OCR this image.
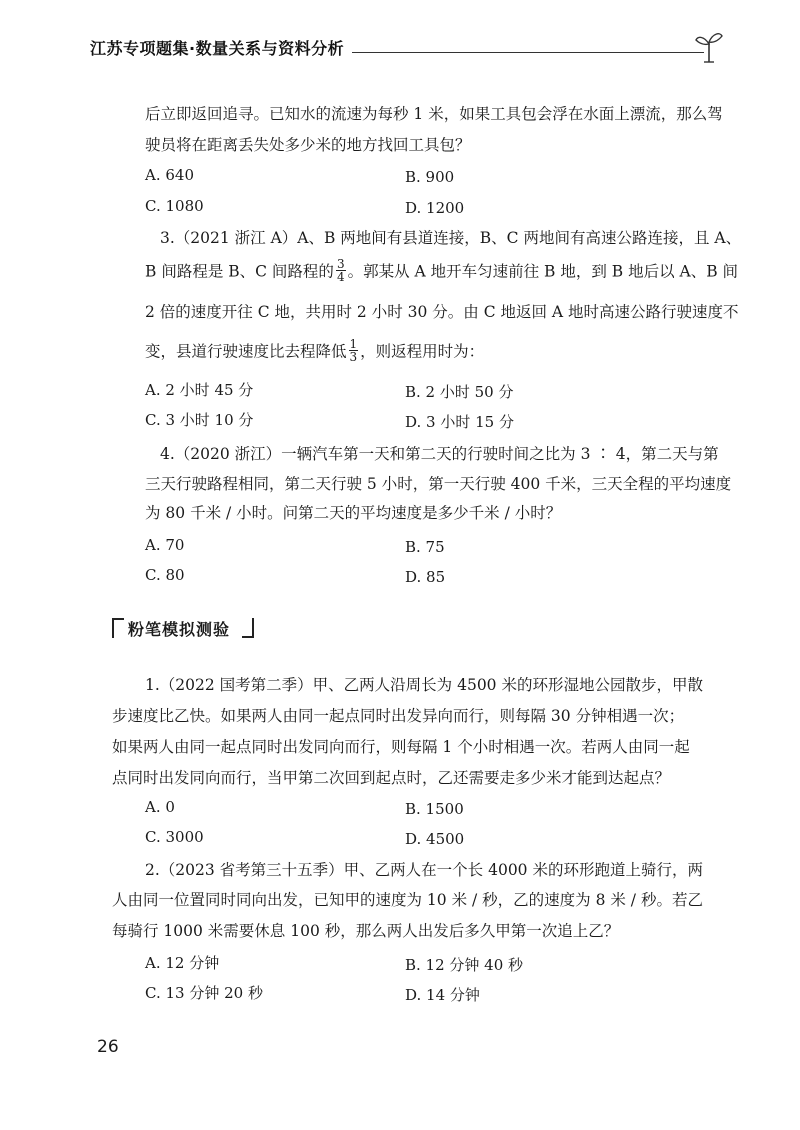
江苏专项题集·数量关系与资料分析
后立即返回追寻。已知水的流速为每秒 1 米，如果工具包会浮在水面上漂流，那么驾
驶员将在距离丢失处多少米的地方找回工具包？
A. 640	B. 900
C. 1080	D. 1200
3.（2021 浙江 A）A、B 两地间有县道连接，B、C 两地间有高速公路连接，且 A、
B 间路程是 B、C 间路程的 $\frac{3}{4}$ 。郭某从 A 地开车匀速前往 B 地，到 B 地后以 A、B 间
2 倍的速度开往 C 地，共用时 2 小时 30 分。由 C 地返回 A 地时高速公路行驶速度不
变，县道行驶速度比去程降低 $\frac{1}{3}$ ，则返程用时为：
A. 2 小时 45 分	B. 2 小时 50 分
C. 3 小时 10 分	D. 3 小时 15 分
4.（2020 浙江）一辆汽车第一天和第二天的行驶时间之比为 3 ∶ 4，第二天与第
三天行驶路程相同，第二天行驶 5 小时，第一天行驶 400 千米，三天全程的平均速度
为 80 千米 / 小时。问第二天的平均速度是多少千米 / 小时？
A. 70	B. 75
C. 80	D. 85
粉笔模拟测验
1.（2022 国考第二季）甲、乙两人沿周长为 4500 米的环形湿地公园散步，甲散
步速度比乙快。如果两人由同一起点同时出发异向而行，则每隔 30 分钟相遇一次；
如果两人由同一起点同时出发同向而行，则每隔 1 个小时相遇一次。若两人由同一起
点同时出发同向而行，当甲第二次回到起点时，乙还需要走多少米才能到达起点？
A. 0	B. 1500
C. 3000	D. 4500
2.（2023 省考第三十五季）甲、乙两人在一个长 4000 米的环形跑道上骑行，两
人由同一位置同时同向出发，已知甲的速度为 10 米 / 秒，乙的速度为 8 米 / 秒。若乙
每骑行 1000 米需要休息 100 秒，那么两人出发后多久甲第一次追上乙？
A. 12 分钟	B. 12 分钟 40 秒
C. 13 分钟 20 秒	D. 14 分钟
26
